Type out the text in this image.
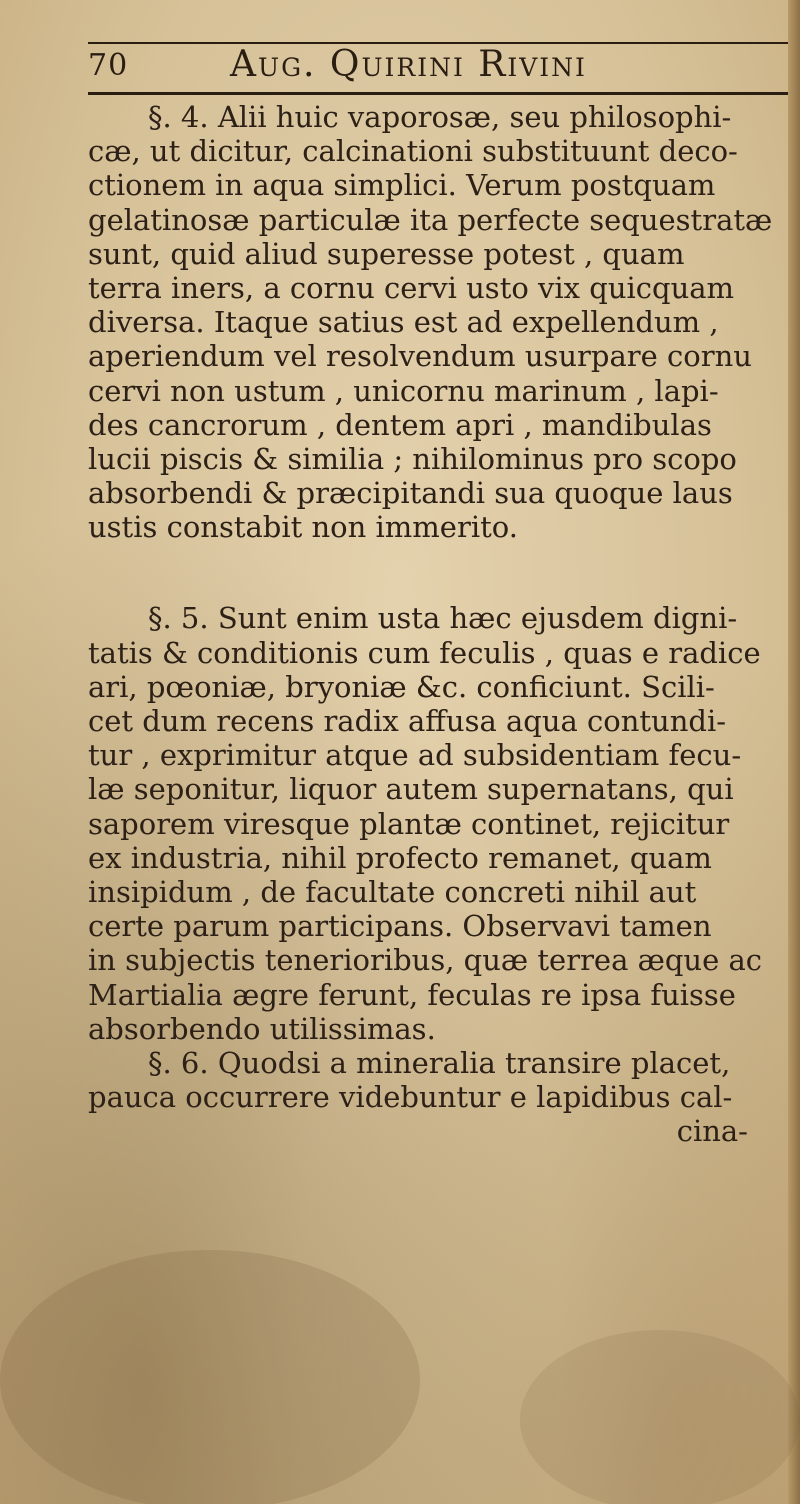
70	Aug. Quirini Rivini
§. 4. Alii huic vaporosæ, seu philosophi-
cæ, ut dicitur, calcinationi substituunt deco-
ctionem in aqua simplici. Verum postquam
gelatinosæ particulæ ita perfecte sequestratæ
sunt, quid aliud superesse potest , quam
terra iners, a cornu cervi usto vix quicquam
diversa. Itaque satius est ad expellendum ,
aperiendum vel resolvendum usurpare cornu
cervi non ustum , unicornu marinum , lapi-
des cancrorum , dentem apri , mandibulas
lucii piscis & similia ; nihilominus pro scopo
absorbendi & præcipitandi sua quoque laus
ustis constabit non immerito.
§. 5. Sunt enim usta hæc ejusdem digni-
tatis & conditionis cum feculis , quas e radice
ari, pœoniæ, bryoniæ &c. conficiunt. Scili-
cet dum recens radix affusa aqua contundi-
tur , exprimitur atque ad subsidentiam fecu-
læ seponitur, liquor autem supernatans, qui
saporem viresque plantæ continet, rejicitur
ex industria, nihil profecto remanet, quam
insipidum , de facultate concreti nihil aut
certe parum participans. Observavi tamen
in subjectis tenerioribus, quæ terrea æque ac
Martialia ægre ferunt, feculas re ipsa fuisse
absorbendo utilissimas.
§. 6. Quodsi a mineralia transire placet,
pauca occurrere videbuntur e lapidibus cal-
cina-
